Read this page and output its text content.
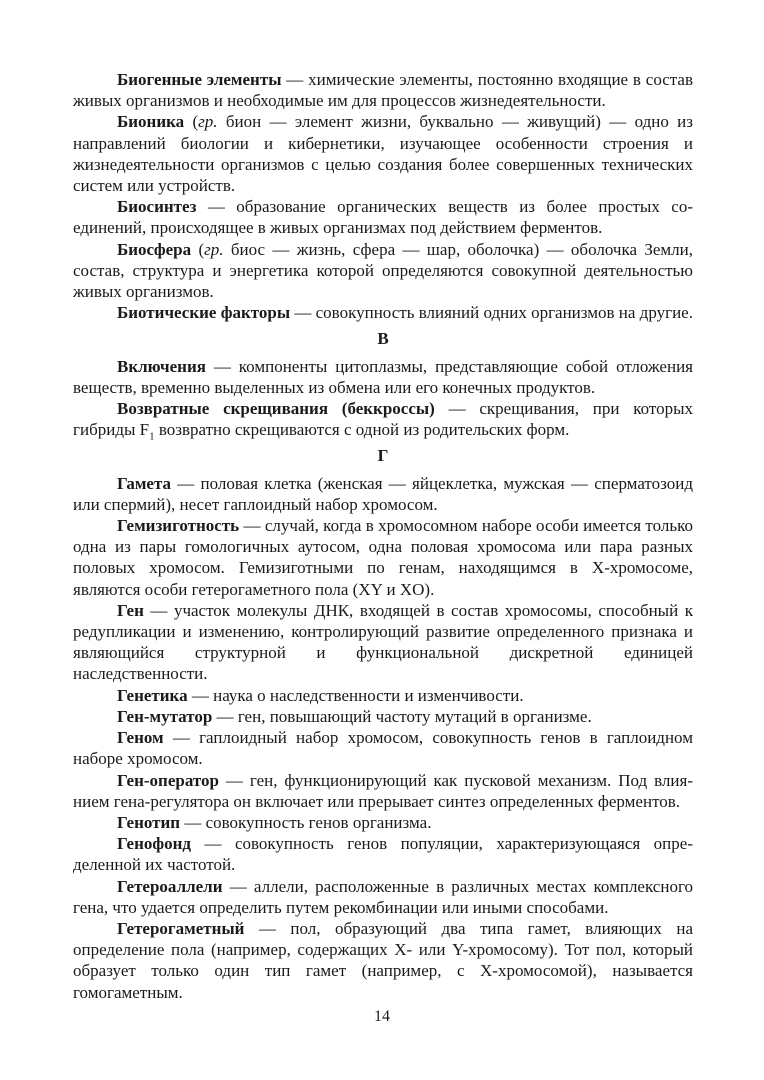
Биогенные элементы — химические элементы, постоянно входящие в состав живых организмов и необходимые им для процессов жизнедеятельности.

Бионика (гр. бион — элемент жизни, буквально — живущий) — одно из направлений биологии и кибернетики, изучающее особенности строения и жизнедеятельности организмов с целью создания более совершенных технических систем или устройств.

Биосинтез — образование органических веществ из более простых соединений, происходящее в живых организмах под действием ферментов.

Биосфера (гр. биос — жизнь, сфера — шар, оболочка) — оболочка Земли, состав, структура и энергетика которой определяются совокупной деятельностью живых организмов.

Биотические факторы — совокупность влияний одних организмов на другие.

В

Включения — компоненты цитоплазмы, представляющие собой отложения веществ, временно выделенных из обмена или его конечных продуктов.

Возвратные скрещивания (беккроссы) — скрещивания, при которых гибриды $F_1$ возвратно скрещиваются с одной из родительских форм.

Г

Гамета — половая клетка (женская — яйцеклетка, мужская — сперматозоид или спермий), несет гаплоидный набор хромосом.

Гемизиготность — случай, когда в хромосомном наборе особи имеется только одна из пары гомологичных аутосом, одна половая хромосома или пара разных половых хромосом. Гемизиготными по генам, находящимся в Х-хромосоме, являются особи гетерогаметного пола (XY и XO).

Ген — участок молекулы ДНК, входящей в состав хромосомы, способный к редупликации и изменению, контролирующий развитие определенного признака и являющийся структурной и функциональной дискретной единицей наследственности.

Генетика — наука о наследственности и изменчивости.

Ген-мутатор — ген, повышающий частоту мутаций в организме.

Геном — гаплоидный набор хромосом, совокупность генов в гаплоидном наборе хромосом.

Ген-оператор — ген, функционирующий как пусковой механизм. Под влиянием гена-регулятора он включает или прерывает синтез определенных ферментов.

Генотип — совокупность генов организма.

Генофонд — совокупность генов популяции, характеризующаяся определенной их частотой.

Гетероаллели — аллели, расположенные в различных местах комплексного гена, что удается определить путем рекомбинации или иными способами.

Гетерогаметный — пол, образующий два типа гамет, влияющих на определение пола (например, содержащих X- или Y-хромосому). Тот пол, который образует только один тип гамет (например, с X-хромосомой), называется гомогаметным.

14
